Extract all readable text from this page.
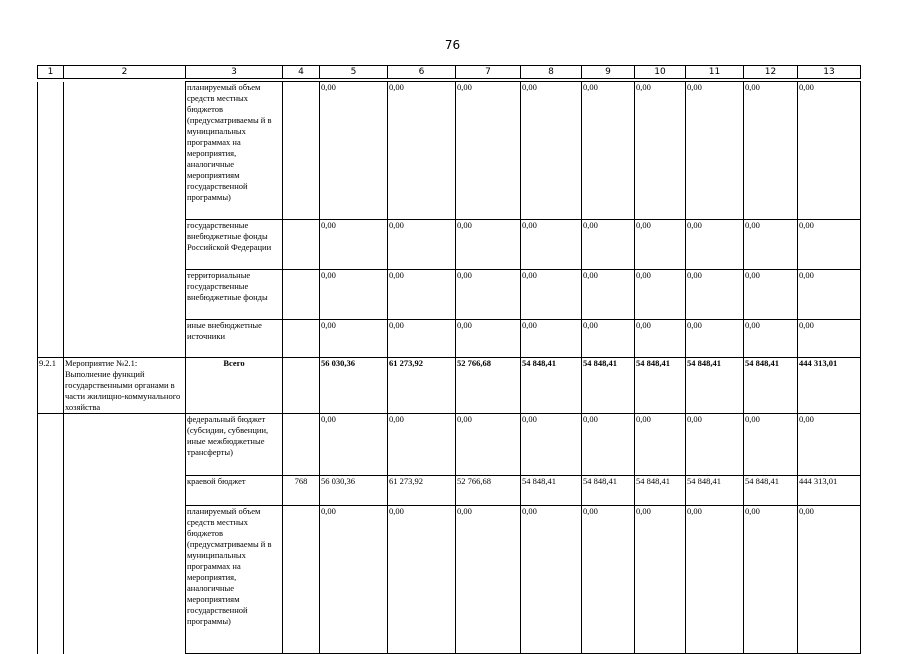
76
1	2	3	4	5	6	7	8	9	10	11	12	13
		планируемый объем средств местных бюджетов (предусматриваемы й в муниципальных программах на мероприятия, аналогичные мероприятиям государственной программы)		0,00	0,00	0,00	0,00	0,00	0,00	0,00	0,00	0,00
		государственные внебюджетные фонды Российской Федерации		0,00	0,00	0,00	0,00	0,00	0,00	0,00	0,00	0,00
		территориальные государственные внебюджетные фонды		0,00	0,00	0,00	0,00	0,00	0,00	0,00	0,00	0,00
		иные внебюджетные источники		0,00	0,00	0,00	0,00	0,00	0,00	0,00	0,00	0,00
9.2.1	Мероприятие №2.1: Выполнение функций государственными органами в части жилищно-коммунального хозяйства	Всего		56 030,36	61 273,92	52 766,68	54 848,41	54 848,41	54 848,41	54 848,41	54 848,41	444 313,01
		федеральный бюджет (субсидии, субвенции, иные межбюджетные трансферты)		0,00	0,00	0,00	0,00	0,00	0,00	0,00	0,00	0,00
		краевой бюджет	768	56 030,36	61 273,92	52 766,68	54 848,41	54 848,41	54 848,41	54 848,41	54 848,41	444 313,01
		планируемый объем средств местных бюджетов (предусматриваемы й в муниципальных программах на мероприятия, аналогичные мероприятиям государственной программы)		0,00	0,00	0,00	0,00	0,00	0,00	0,00	0,00	0,00
